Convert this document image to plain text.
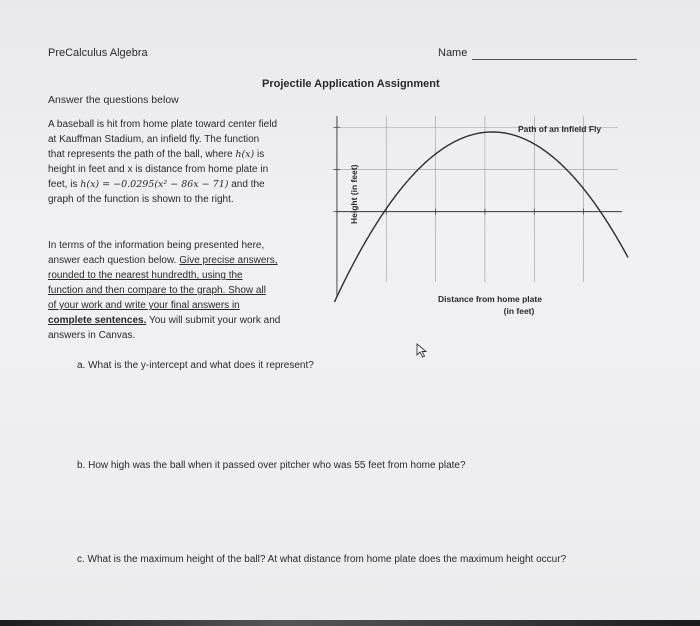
PreCalculus Algebra	Name
Projectile Application Assignment
Answer the questions below
A baseball is hit from home plate toward center field
at Kauffman Stadium, an infield fly. The function
that represents the path of the ball, where h(x) is
height in feet and x is distance from home plate in
feet, is h(x) = −0.0295(x² − 86x − 71) and the
graph of the function is shown to the right.
In terms of the information being presented here,
answer each question below. Give precise answers,
rounded to the nearest hundredth, using the
function and then compare to the graph. Show all
of your work and write your final answers in
complete sentences. You will submit your work and
answers in Canvas.
Path of an Infield Fly
Height (in feet)
Distance from home plate
(in feet)
a. What is the y-intercept and what does it represent?
b. How high was the ball when it passed over pitcher who was 55 feet from home plate?
c. What is the maximum height of the ball? At what distance from home plate does the maximum height occur?
